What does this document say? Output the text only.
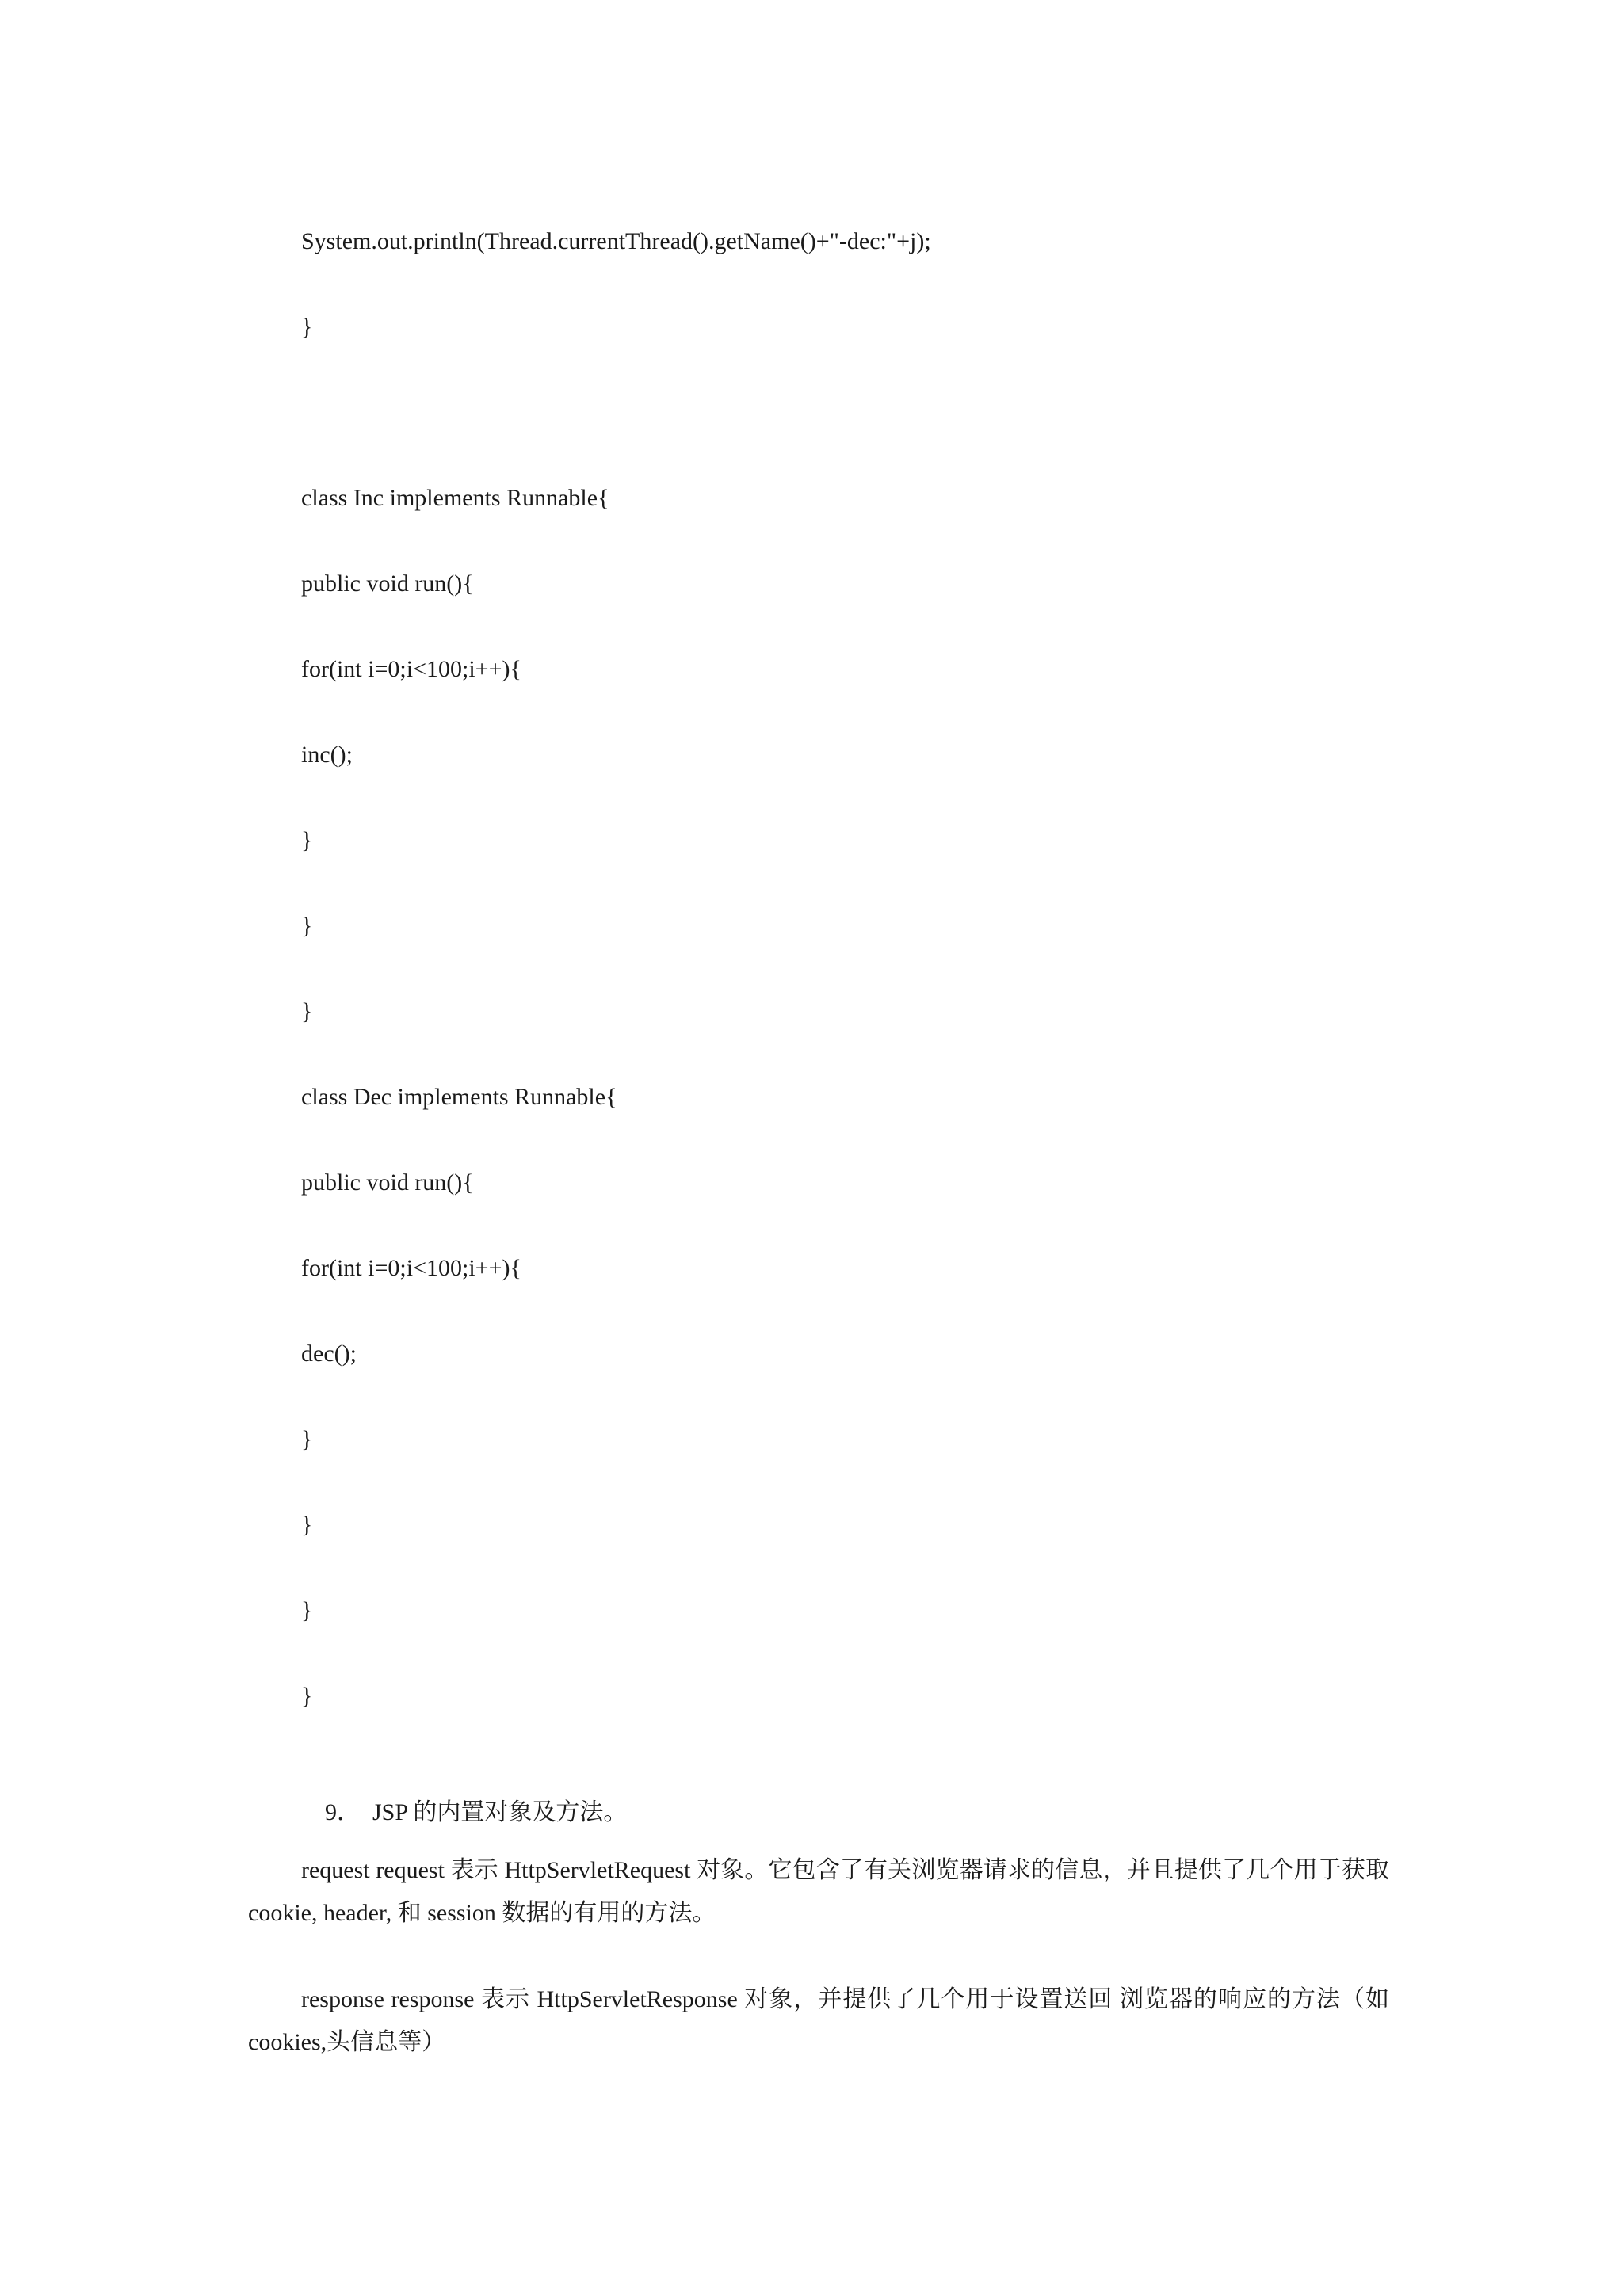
System.out.println(Thread.currentThread().getName()+"-dec:"+j);
}
class Inc implements Runnable{
public void run(){
for(int i=0;i<100;i++){
inc();
}
}
}
class Dec implements Runnable{
public void run(){
for(int i=0;i<100;i++){
dec();
}
}
}
}

9． JSP 的内置对象及方法。

request request 表示 HttpServletRequest 对象。它包含了有关浏览器请求的信息，并且提供了几个用于获取 cookie, header, 和 session 数据的有用的方法。
response response 表示 HttpServletResponse 对象，并提供了几个用于设置送回 浏览器的响应的方法（如 cookies,头信息等）
